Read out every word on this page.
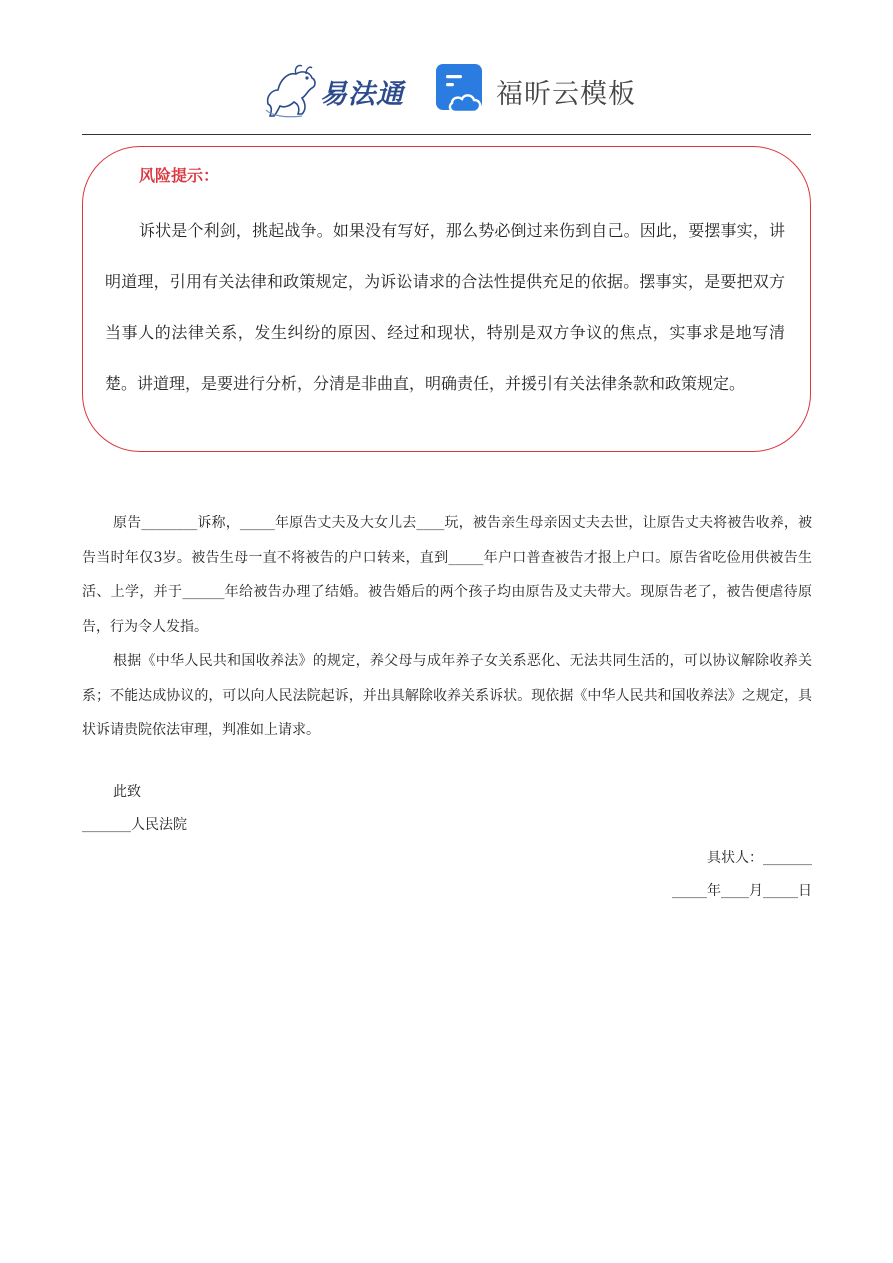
易法通	福昕云模板
风险提示：

诉状是个利剑，挑起战争。如果没有写好，那么势必倒过来伤到自己。因此，要摆事实，讲明道理，引用有关法律和政策规定，为诉讼请求的合法性提供充足的依据。摆事实，是要把双方当事人的法律关系，发生纠纷的原因、经过和现状，特别是双方争议的焦点，实事求是地写清楚。讲道理，是要进行分析，分清是非曲直，明确责任，并援引有关法律条款和政策规定。

原告________诉称，_____年原告丈夫及大女儿去____玩，被告亲生母亲因丈夫去世，让原告丈夫将被告收养，被告当时年仅3岁。被告生母一直不将被告的户口转来，直到_____年户口普查被告才报上户口。原告省吃俭用供被告生活、上学，并于______年给被告办理了结婚。被告婚后的两个孩子均由原告及丈夫带大。现原告老了，被告便虐待原告，行为令人发指。

根据《中华人民共和国收养法》的规定，养父母与成年养子女关系恶化、无法共同生活的，可以协议解除收养关系；不能达成协议的，可以向人民法院起诉，并出具解除收养关系诉状。现依据《中华人民共和国收养法》之规定，具状诉请贵院依法审理，判准如上请求。

此致
_______人民法院
具状人：_______
_____年____月_____日
